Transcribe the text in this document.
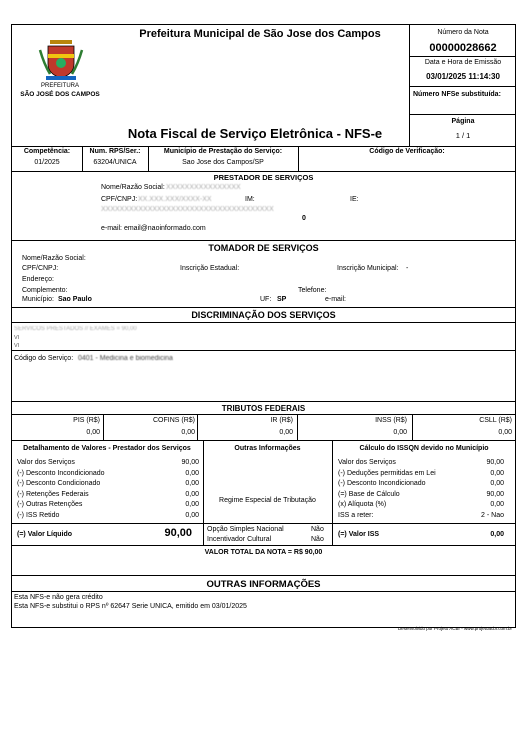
PREFEITURA
SÃO JOSÉ DOS CAMPOS
Prefeitura Municipal de São Jose dos Campos	Número da Nota
00000028662
Data e Hora de Emissão
03/01/2025 11:14:30
Número NFSe substituída:
Página
1 / 1
Nota Fiscal de Serviço Eletrônica - NFS-e
Competência:
01/2025
Num. RPS/Ser.:
63204/UNICA
Município de Prestação do Serviço:
Sao Jose dos Campos/SP
Código de Verificação:
PRESTADOR DE SERVIÇOS
Nome/Razão Social: XXXXXXXXXXXXXXXX
CPF/CNPJ: XX.XXX.XXX/XXXX-XX	IM:	IE:
XXXXXXXXXXXXXXXXXXXXXXXXXXXXXXXXXXXXX
0
e-mail: email@naoinformado.com
TOMADOR DE SERVIÇOS
Nome/Razão Social:
CPF/CNPJ:	Inscrição Estadual:	Inscrição Municipal: -
Endereço:
Complemento:	Telefone:
Município: Sao Paulo	UF: SP	e-mail:
DISCRIMINAÇÃO DOS SERVIÇOS
SERVICOS PRESTADOS // EXAMES = 90,00
VI
VI
Código do Serviço: 0401 - Medicina e biomedicina
TRIBUTOS FEDERAIS
PIS (R$)
0,00
COFINS (R$)
0,00
IR (R$)
0,00
INSS (R$)
0,00
CSLL (R$)
0,00
Detalhamento de Valores - Prestador dos Serviços
Valor dos Serviços	90,00
(-) Desconto Incondicionado	0,00
(-) Desconto Condicionado	0,00
(-) Retenções Federais	0,00
(-) Outras Retenções	0,00
(-) ISS Retido	0,00
(=) Valor Líquido	90,00
Outras Informações
Regime Especial de Tributação
Opção Simples Nacional	Não
Incentivador Cultural	Não
Cálculo do ISSQN devido no Município
Valor dos Serviços	90,00
(-) Deduções permitidas em Lei	0,00
(-) Desconto Incondicionado	0,00
(=) Base de Cálculo	90,00
(x) Alíquota (%)	0,00
ISS a reter:	2 - Nao
(=) Valor ISS	0,00
VALOR TOTAL DA NOTA = R$ 90,00
OUTRAS INFORMAÇÕES
Esta NFS-e não gera crédito
Esta NFS-e substitui o RPS nº 62647 Serie UNICA, emitido em 03/01/2025
Desenvolvido por Projeto ACBr - www.projetoacbr.com.br
